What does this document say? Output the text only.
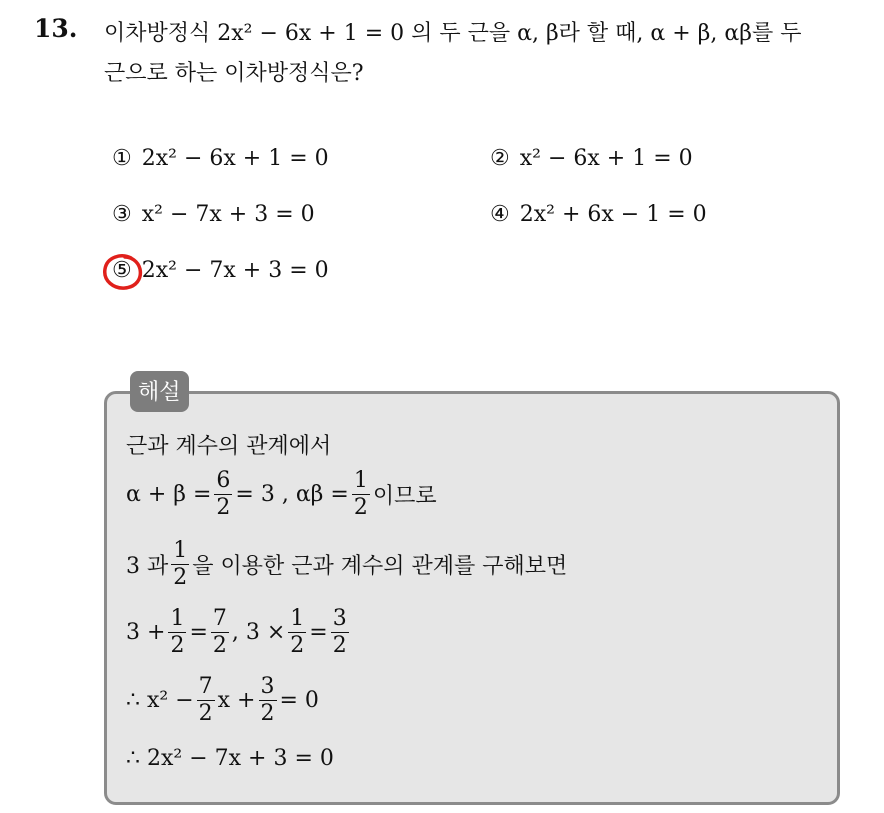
13. 이차방정식 2x² − 6x + 1 = 0 의 두 근을 α, β라 할 때, α + β, αβ를 두
근으로 하는 이차방정식은?
① 2x² − 6x + 1 = 0	② x² − 6x + 1 = 0
③ x² − 7x + 3 = 0	④ 2x² + 6x − 1 = 0
⑤ 2x² − 7x + 3 = 0
해설
근과 계수의 관계에서
$\alpha + \beta = \frac{6}{2} = 3$ , $\alpha\beta = \frac{1}{2}$ 이므로
3 과 $\frac{1}{2}$ 을 이용한 근과 계수의 관계를 구해보면
$3 + \frac{1}{2} = \frac{7}{2}$ , $3 \times \frac{1}{2} = \frac{3}{2}$
∴ $x^2 - \frac{7}{2}$ $x + \frac{3}{2} = 0$
∴ 2x² − 7x + 3 = 0
